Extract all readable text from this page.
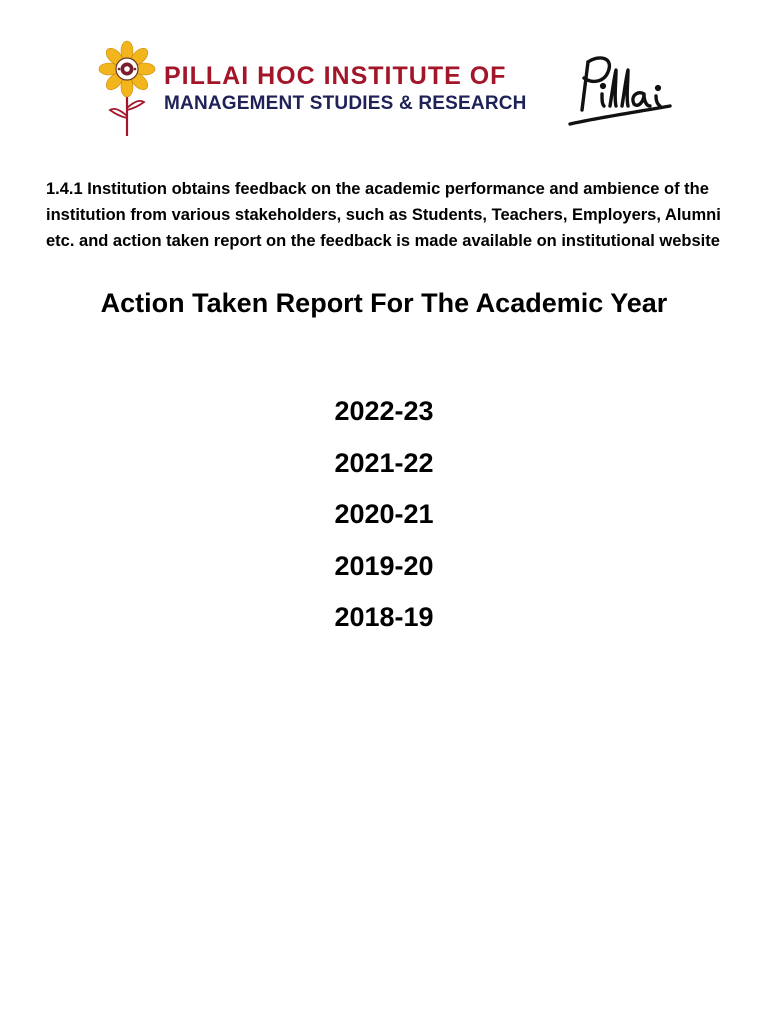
PILLAI HOC INSTITUTE OF
MANAGEMENT STUDIES & RESEARCH

1.4.1 Institution obtains feedback on the academic performance and ambience of the institution from various stakeholders, such as Students, Teachers, Employers, Alumni etc. and action taken report on the feedback is made available on institutional website

Action Taken Report For The Academic Year
2022-23
2021-22
2020-21
2019-20
2018-19
